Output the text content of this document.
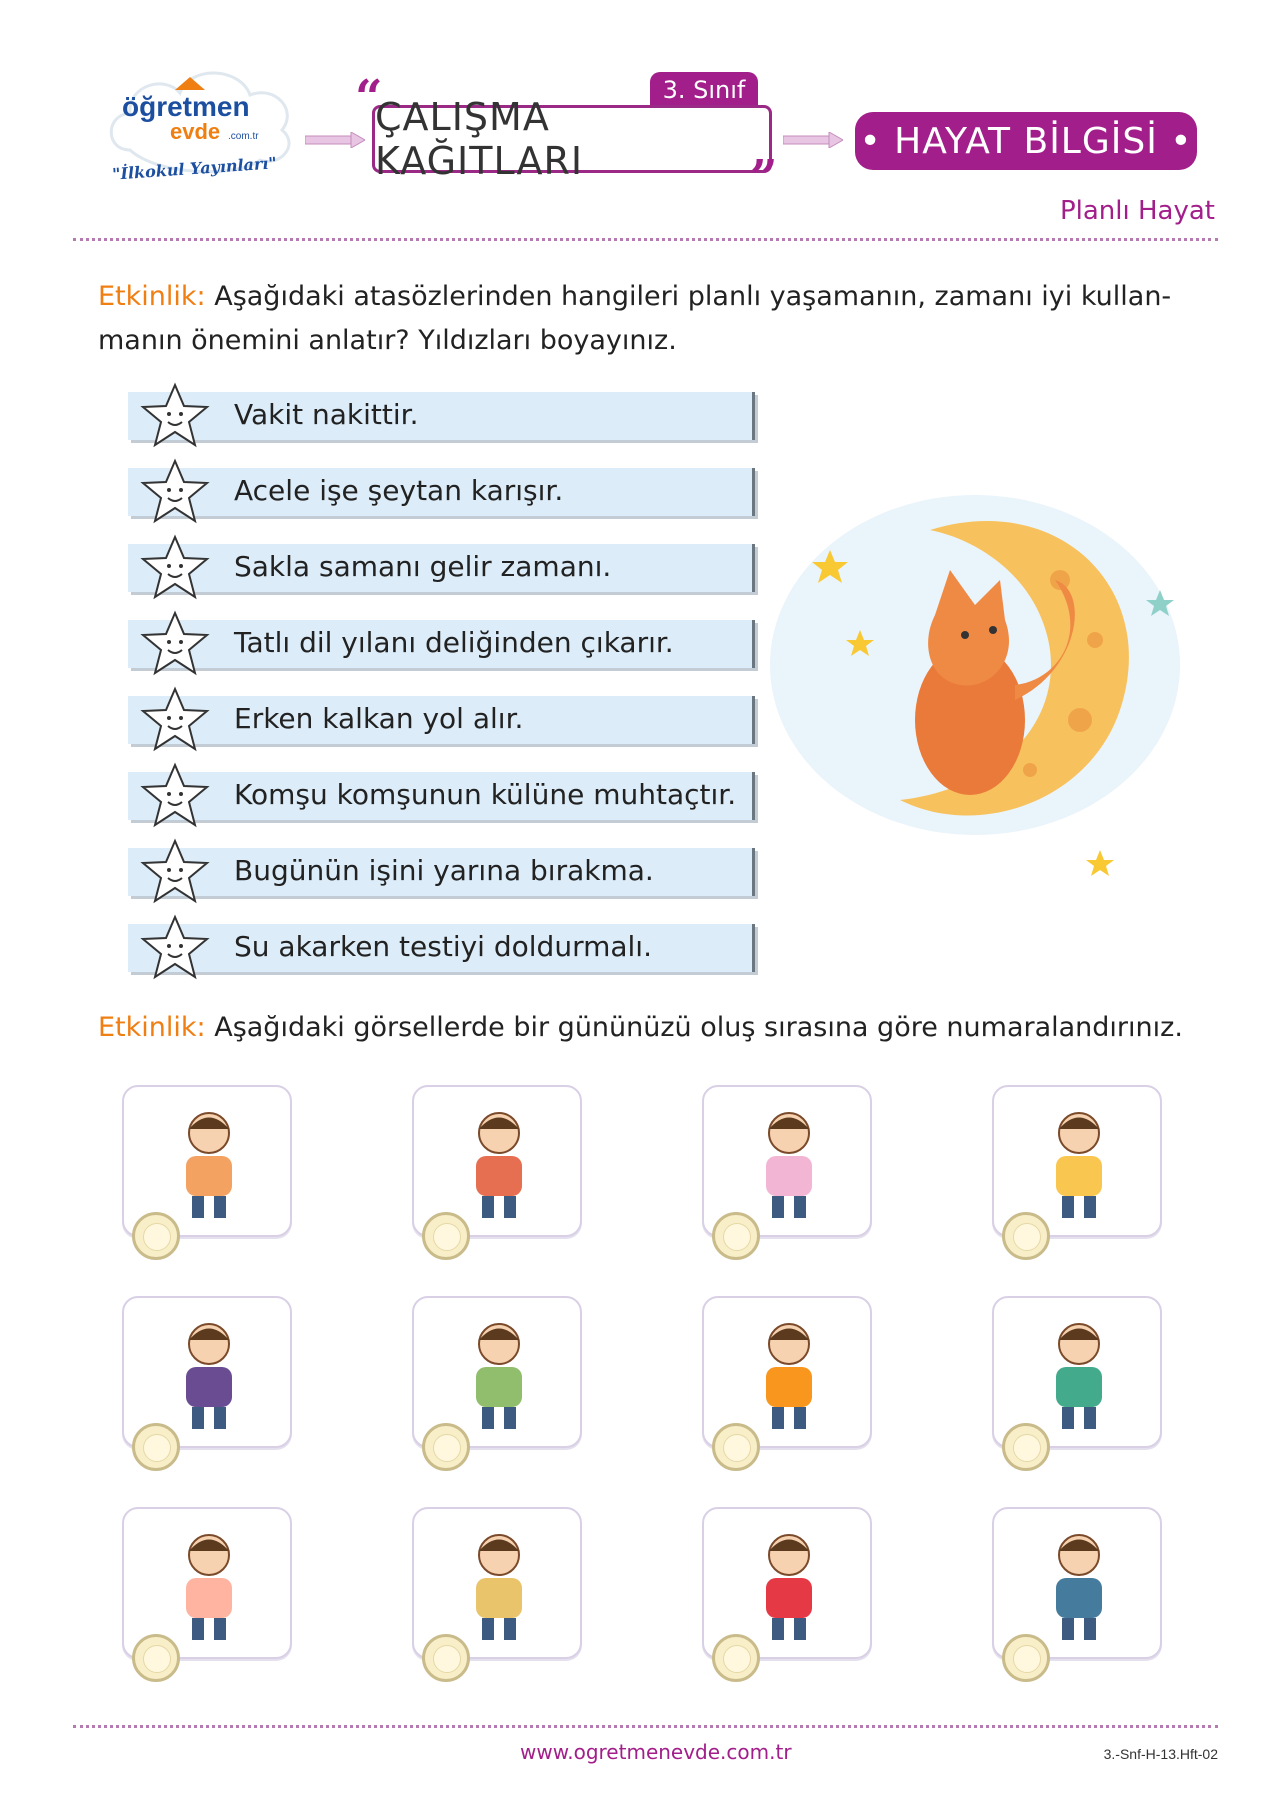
öğretmen
evde .com.tr
"İlkokul Yayınları"
“	3. Sınıf
ÇALIŞMA KAĞITLARI	”
• HAYAT BİLGİSİ •
Planlı Hayat
Etkinlik: Aşağıdaki atasözlerinden hangileri planlı yaşamanın, zamanı iyi kullan- manın önemini anlatır? Yıldızları boyayınız.
Vakit nakittir.
Acele işe şeytan karışır.
Sakla samanı gelir zamanı.
Tatlı dil yılanı deliğinden çıkarır.
Erken kalkan yol alır.
Komşu komşunun külüne muhtaçtır.
Bugünün işini yarına bırakma.
Su akarken testiyi doldurmalı.
Etkinlik: Aşağıdaki görsellerde bir gününüzü oluş sırasına göre numaralandırınız.
www.ogretmenevde.com.tr	3.-Snf-H-13.Hft-02
